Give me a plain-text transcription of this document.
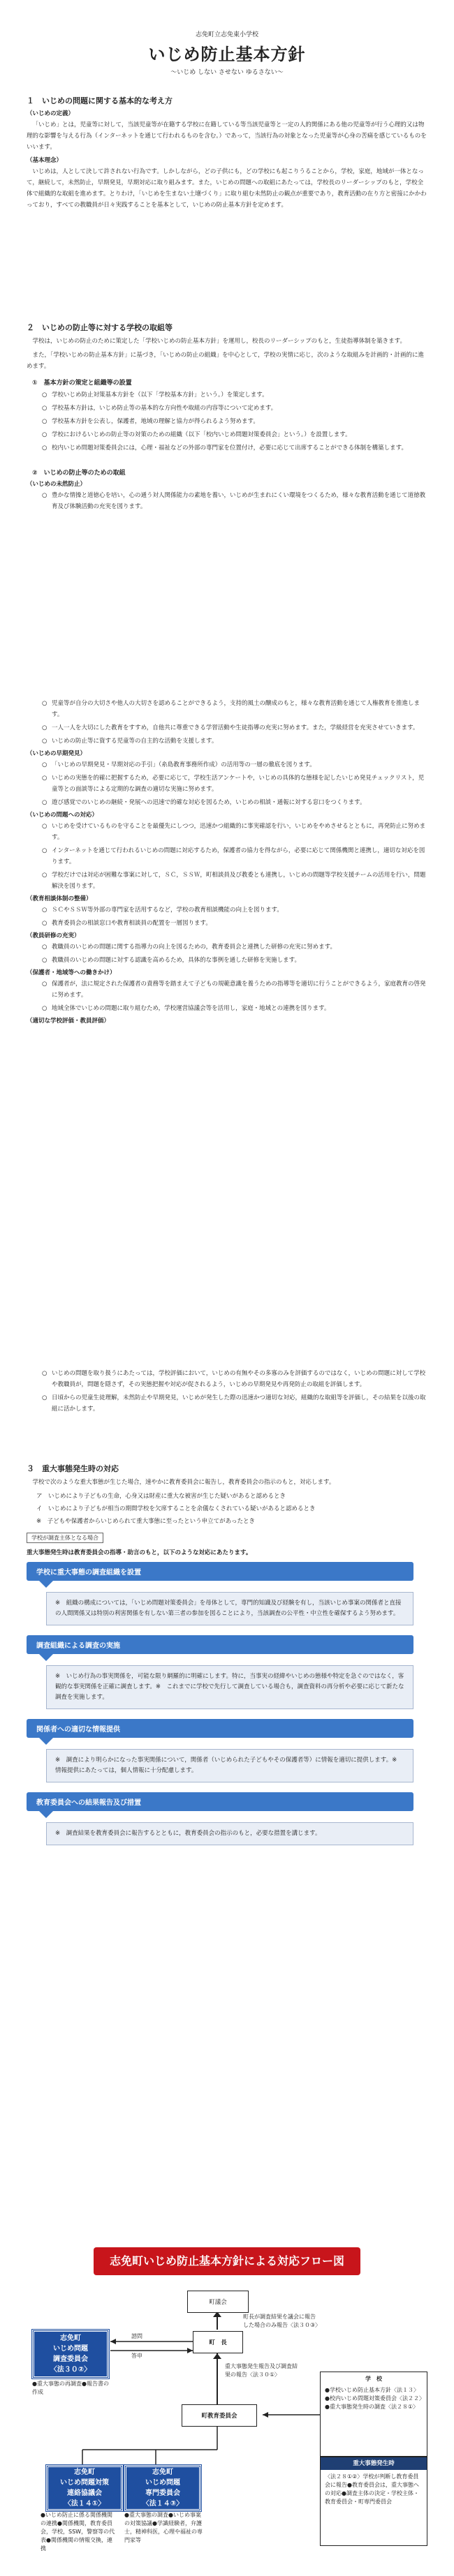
志免町立志免東小学校
いじめ防止基本方針
～いじめ しない させない ゆるさない～
１　いじめの問題に関する基本的な考え方
（いじめの定義）

「いじめ」とは，児童等に対して，当該児童等が在籍する学校に在籍している等当該児童等と一定の人的関係にある他の児童等が行う心理的又は物理的な影響を与える行為（インターネットを通じて行われるものを含む。）であって，当該行為の対象となった児童等が心身の苦痛を感じているものをいいます。

（基本理念）

いじめは，人として決して許されない行為です。しかしながら，どの子供にも，どの学校にも起こりうることから，学校，家庭，地域が一体となって，継続して，未然防止，早期発見，早期対応に取り組みます。また，いじめの問題への取組にあたっては，学校長のリーダーシップのもと，学校全体で組織的な取組を進めます。とりわけ，「いじめを生まない土壌づくり」に取り組む未然防止の観点が重要であり，教育活動の在り方と密接にかかわっており，すべての教職員が日々実践することを基本として，いじめの防止基本方針を定めます。

２　いじめの防止等に対する学校の取組等

学校は，いじめの防止のために策定した「学校いじめの防止基本方針」を運用し，校長のリーダーシップのもと，生徒指導体制を築きます。

また，「学校いじめの防止基本方針」に基づき，「いじめの防止の組織」を中心として，学校の実情に応じ，次のような取組みを計画的・計画的に進めます。

①　基本方針の策定と組織等の設置
○ 学校いじめ防止対策基本方針を（以下「学校基本方針」という。）を策定します。
○ 学校基本方針は，いじめ防止等の基本的な方向性や取組の内容等について定めます。
○ 学校基本方針を公表し，保護者，地域の理解と協力が得られるよう努めます。
○ 学校におけるいじめの防止等の対策のための組織（以下「校内いじめ問題対策委員会」という。）を設置します。
○ 校内いじめ問題対策委員会には，心理・福祉などの外部の専門家を位置付け，必要に応じて出席することができる体制を構築します。
②　いじめの防止等のための取組
（いじめの未然防止）
○ 豊かな情操と道徳心を培い，心の通う対人関係能力の素地を養い，いじめが生まれにくい環境をつくるため，様々な教育活動を通じて道徳教育及び体験活動の充実を図ります。
○ 児童等が自分の大切さや他人の大切さを認めることができるよう，支持的風土の醸成のもと，様々な教育活動を通じて人権教育を推進します。
○ 一人一人を大切にした教育をすすめ，自他共に尊重できる学習活動や生徒指導の充実に努めます。また，学級経営を充実させていきます。
○ いじめの防止等に資する児童等の自主的な活動を支援します。
（いじめの早期発見）
○ 「いじめの早期発見・早期対応の手引」（糸島教育事務所作成）の活用等の一層の徹底を図ります。
○ いじめの実態を的確に把握するため，必要に応じて，学校生活アンケートや，いじめの具体的な態様を記したいじめ発見チェックリスト，児童等との面談等による定期的な調査の適切な実施に努めます。
○ 遊び感覚でのいじめの継続・発展への迅速で的確な対応を図るため，いじめの相談・通報に対する窓口をつくります。
（いじめの問題への対応）
○ いじめを受けているものを守ることを最優先にしつつ，迅速かつ組織的に事実確認を行い，いじめをやめさせるとともに，再発防止に努めます。
○ インターネットを通じて行われるいじめの問題に対応するため，保護者の協力を得ながら，必要に応じて関係機関と連携し，適切な対応を図ります。
○ 学校だけでは対応が困難な事案に対して，ＳＣ，ＳＳＷ，町相談員及び教委とも連携し，いじめの問題等学校支援チームの活用を行い，問題解決を図ります。
（教育相談体制の整備）
○ ＳＣやＳＳＷ等外部の専門家を活用するなど，学校の教育相談機能の向上を図ります。
○ 教育委員会の相談窓口や教育相談員の配置を一層図ります。
（教員研修の充実）
○ 教職員のいじめの問題に関する指導力の向上を図るための，教育委員会と連携した研修の充実に努めます。
○ 教職員のいじめの問題に対する認識を高めるため，具体的な事例を通した研修を実施します。
（保護者・地域等への働きかけ）
○ 保護者が，法に規定された保護者の責務等を踏まえて子どもの規範意識を養うための指導等を適切に行うことができるよう，家庭教育の啓発に努めます。
○ 地域全体でいじめの問題に取り組むため，学校運営協議会等を活用し，家庭・地域との連携を図ります。
（適切な学校評価・教員評価）
○ いじめの問題を取り扱うにあたっては，学校評価において，いじめの有無やその多寡のみを評価するのではなく，いじめの問題に対して学校や教職員が，問題を隠さず，その実態把握や対応が促されるよう，いじめの早期発見や再発防止の取組を評価します。
○ 日頃からの児童生徒理解，未然防止や早期発見，いじめが発生した際の迅速かつ適切な対応，組織的な取組等を評価し，その結果を以後の取組に活かします。
３　重大事態発生時の対応

学校で次のような重大事態が生じた場合，速やかに教育委員会に報告し，教育委員会の指示のもと，対応します。

ア　いじめにより子どもの生命，心身又は財産に重大な被害が生じた疑いがあると認めるとき
イ　いじめにより子どもが相当の期間学校を欠席することを余儀なくされている疑いがあると認めるとき
※　子どもや保護者からいじめられて重大事態に至ったという申立てがあったとき
学校が調査主体となる場合
重大事態発生時は教育委員会の指導・助言のもと，以下のような対応にあたります。
学校に重大事態の調査組織を設置
※　組織の構成については，「いじめ問題対策委員会」を母体として，専門的知識及び経験を有し，当該いじめ事案の関係者と直接の人間関係又は特別の利害関係を有しない第三者の参加を図ることにより，当該調査の公平性・中立性を確保するよう努めます。
調査組織による調査の実施
※　いじめ行為の事実関係を，可能な限り網羅的に明確にします。特に，当事実の経緯やいじめの態様や特定を急ぐのではなく，客観的な事実関係を正確に調査します。※　これまでに学校で先行して調査している場合も，調査資料の再分析や必要に応じて新たな調査を実施します。
関係者への適切な情報提供
※　調査により明らかになった事実関係について，関係者（いじめられた子どもやその保護者等）に情報を適切に提供します。※　情報提供にあたっては，個人情報に十分配慮します。
教育委員会への結果報告及び措置
※　調査結果を教育委員会に報告するとともに，教育委員会の指示のもと，必要な措置を講じます。
志免町いじめ防止基本方針による対応フロー図
町議会
町長が調査結果を議会に報告した場合のみ報告〈法３０③〉
町　長
志免町
いじめ問題
調査委員会
〈法３０②〉
●重大事態の再調査●報告書の作成
諮問
答申
重大事態発生報告及び調査結果の報告〈法３０①〉
町教育委員会
学　校
●学校いじめ防止基本方針〈法１３〉
●校内いじめ問題対策委員会〈法２２〉
●重大事態発生時の調査〈法２８①〉
志免町
いじめ問題対策
連絡協議会
〈法１４①〉
●いじめ防止に係る関係機関の連携●関係機関，教育委員会，学校，SSW，警察等の代表●関係機関の情報交換，連携
志免町
いじめ問題
専門委員会
〈法１４③〉
●重大事態の調査●いじめ事案の対策協議●学識経験者，弁護士，精神科医，心理や福祉の専門家等
重大事態発生時
〈法２８①②〉学校が判断し教育委員会に報告●教育委員会は，重大事態への対応●調査主体の決定・学校主体・教育委員会・町専門委員会
